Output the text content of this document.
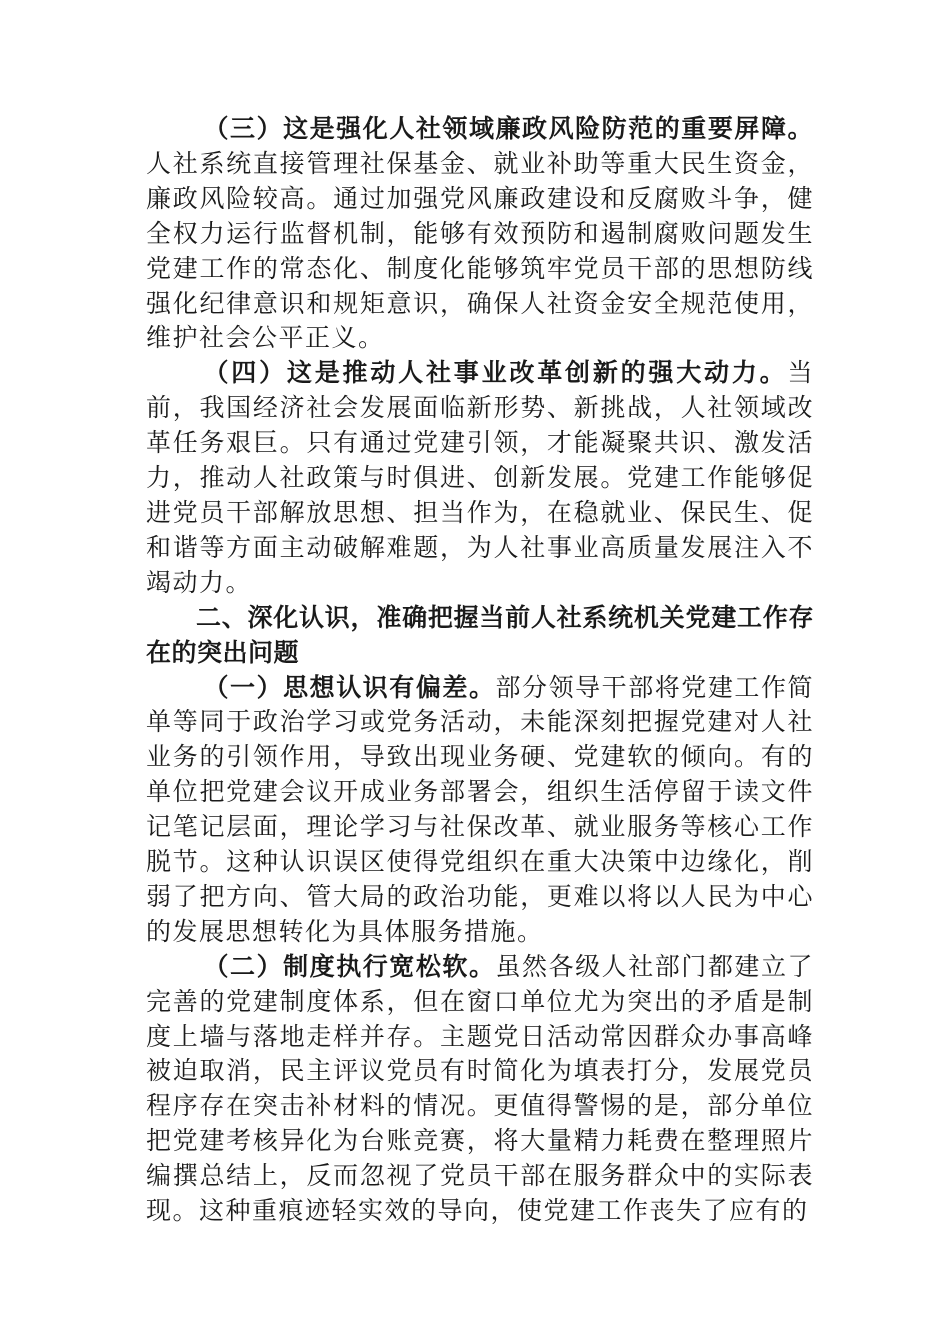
（三）这是强化人社领域廉政风险防范的重要屏障。人社系统直接管理社保基金、就业补助等重大民生资金，廉政风险较高。通过加强党风廉政建设和反腐败斗争，健全权力运行监督机制，能够有效预防和遏制腐败问题发生党建工作的常态化、制度化能够筑牢党员干部的思想防线强化纪律意识和规矩意识，确保人社资金安全规范使用，维护社会公平正义。

（四）这是推动人社事业改革创新的强大动力。当前，我国经济社会发展面临新形势、新挑战，人社领域改革任务艰巨。只有通过党建引领，才能凝聚共识、激发活力，推动人社政策与时俱进、创新发展。党建工作能够促进党员干部解放思想、担当作为，在稳就业、保民生、促和谐等方面主动破解难题，为人社事业高质量发展注入不竭动力。

二、深化认识，准确把握当前人社系统机关党建工作存在的突出问题

（一）思想认识有偏差。部分领导干部将党建工作简单等同于政治学习或党务活动，未能深刻把握党建对人社业务的引领作用，导致出现业务硬、党建软的倾向。有的单位把党建会议开成业务部署会，组织生活停留于读文件记笔记层面，理论学习与社保改革、就业服务等核心工作脱节。这种认识误区使得党组织在重大决策中边缘化，削弱了把方向、管大局的政治功能，更难以将以人民为中心的发展思想转化为具体服务措施。

（二）制度执行宽松软。虽然各级人社部门都建立了完善的党建制度体系，但在窗口单位尤为突出的矛盾是制度上墙与落地走样并存。主题党日活动常因群众办事高峰被迫取消，民主评议党员有时简化为填表打分，发展党员程序存在突击补材料的情况。更值得警惕的是，部分单位把党建考核异化为台账竞赛，将大量精力耗费在整理照片编撰总结上，反而忽视了党员干部在服务群众中的实际表现。这种重痕迹轻实效的导向，使党建工作丧失了应有的
